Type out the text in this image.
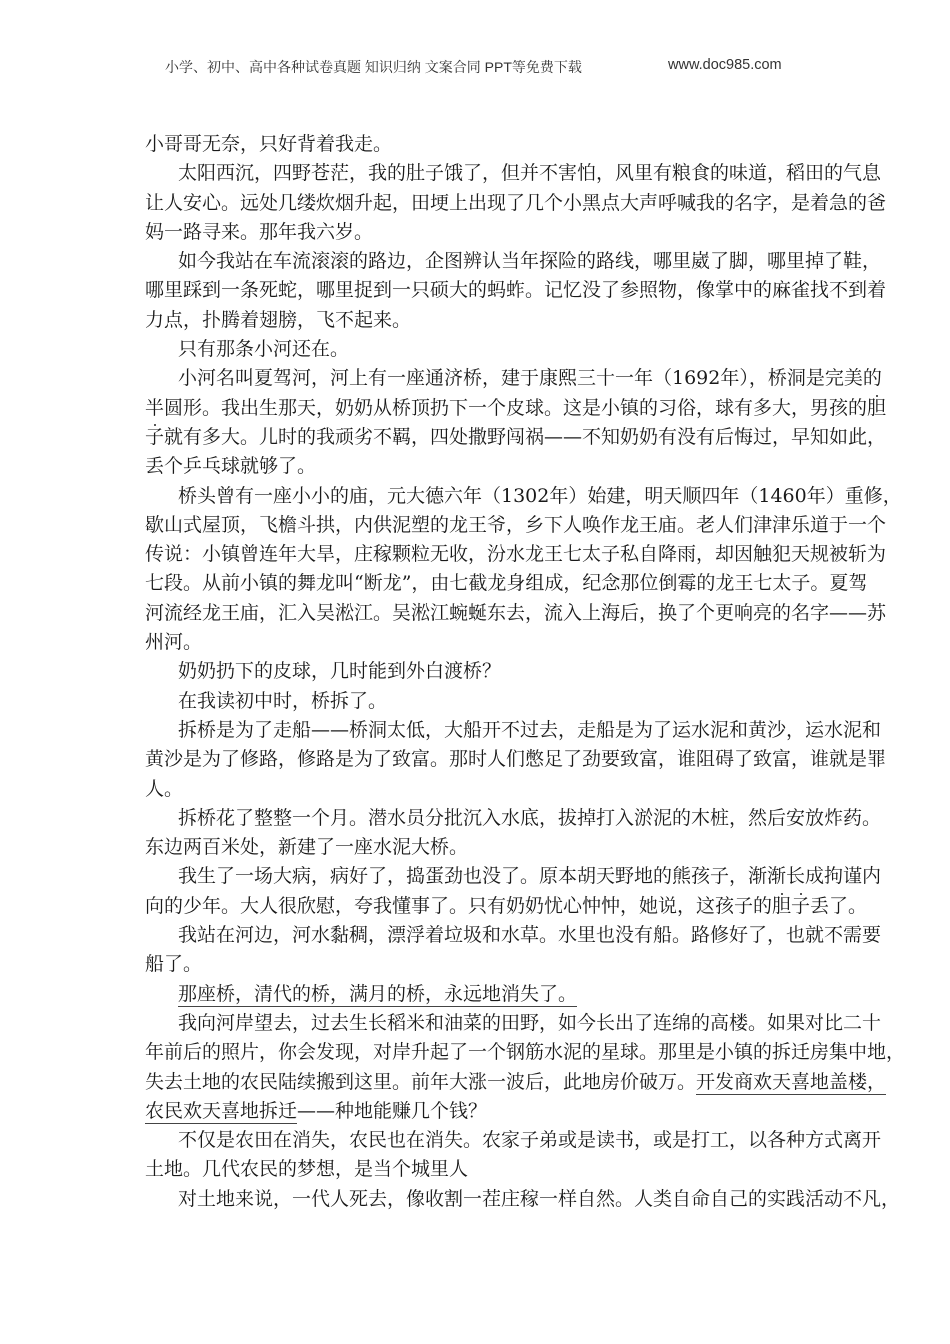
小学、初中、高中各种试卷真题 知识归纳 文案合同 PPT等免费下载	www.doc985.com
小哥哥无奈，只好背着我走。
太阳西沉，四野苍茫，我的肚子饿了，但并不害怕，风里有粮食的味道，稻田的气息
让人安心。远处几缕炊烟升起，田埂上出现了几个小黑点大声呼喊我的名字，是着急的爸
妈一路寻来。那年我六岁。
如今我站在车流滚滚的路边，企图辨认当年探险的路线，哪里崴了脚，哪里掉了鞋，
哪里踩到一条死蛇，哪里捉到一只硕大的蚂蚱。记忆没了参照物，像掌中的麻雀找不到着
力点，扑腾着翅膀，飞不起来。
只有那条小河还在。
小河名叫夏驾河，河上有一座通济桥，建于康熙三十一年（1692年），桥洞是完美的
半圆形。我出生那天，奶奶从桥顶扔下一个皮球。这是小镇的习俗，球有多大，男孩的胆
子就有多大。儿时的我顽劣不羁，四处撒野闯祸——不知奶奶有没有后悔过，早知如此，
丢个乒乓球就够了。
桥头曾有一座小小的庙，元大德六年（1302年）始建，明天顺四年（1460年）重修，
歇山式屋顶，飞檐斗拱，内供泥塑的龙王爷，乡下人唤作龙王庙。老人们津津乐道于一个
传说：小镇曾连年大旱，庄稼颗粒无收，汾水龙王七太子私自降雨，却因触犯天规被斩为
七段。从前小镇的舞龙叫“断龙”，由七截龙身组成，纪念那位倒霉的龙王七太子。夏驾
河流经龙王庙，汇入吴淞江。吴淞江蜿蜒东去，流入上海后，换了个更响亮的名字——苏
州河。
奶奶扔下的皮球，几时能到外白渡桥？
在我读初中时，桥拆了。
拆桥是为了走船——桥洞太低，大船开不过去，走船是为了运水泥和黄沙，运水泥和
黄沙是为了修路，修路是为了致富。那时人们憋足了劲要致富，谁阻碍了致富，谁就是罪
人。
拆桥花了整整一个月。潜水员分批沉入水底，拔掉打入淤泥的木桩，然后安放炸药。
东边两百米处，新建了一座水泥大桥。
我生了一场大病，病好了，捣蛋劲也没了。原本胡天野地的熊孩子，渐渐长成拘谨内
向的少年。大人很欣慰，夸我懂事了。只有奶奶忧心忡忡，她说，这孩子的胆子丢了。
我站在河边，河水黏稠，漂浮着垃圾和水草。水里也没有船。路修好了，也就不需要
船了。
那座桥，清代的桥，满月的桥，永远地消失了。
我向河岸望去，过去生长稻米和油菜的田野，如今长出了连绵的高楼。如果对比二十
年前后的照片，你会发现，对岸升起了一个钢筋水泥的星球。那里是小镇的拆迁房集中地，
失去土地的农民陆续搬到这里。前年大涨一波后，此地房价破万。开发商欢天喜地盖楼，
农民欢天喜地拆迁——种地能赚几个钱？
不仅是农田在消失，农民也在消失。农家子弟或是读书，或是打工，以各种方式离开
土地。几代农民的梦想，是当个城里人
对土地来说，一代人死去，像收割一茬庄稼一样自然。人类自命自己的实践活动不凡，
